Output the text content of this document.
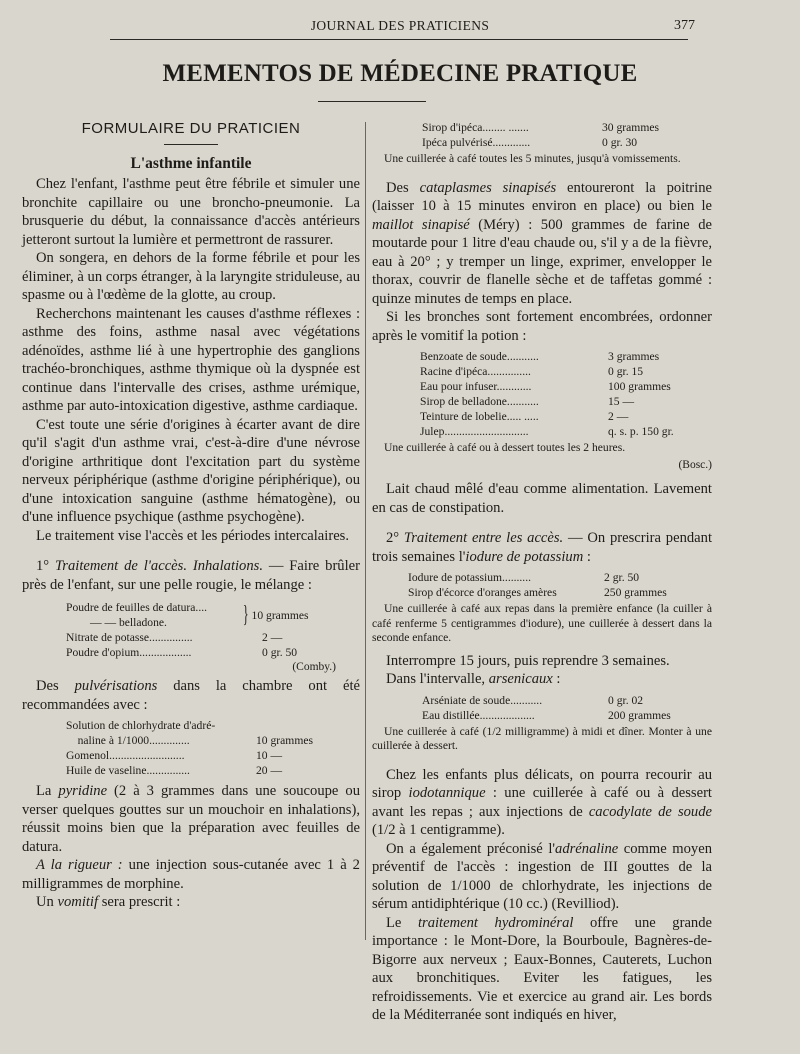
JOURNAL DES PRATICIENS	377
MEMENTOS DE MÉDECINE PRATIQUE
FORMULAIRE DU PRATICIEN
L'asthme infantile

Chez l'enfant, l'asthme peut être fébrile et simuler une bronchite capillaire ou une broncho-pneumonie. La brusquerie du début, la connaissance d'accès antérieurs jetteront surtout la lumière et permettront de rassurer.

On songera, en dehors de la forme fébrile et pour les éliminer, à un corps étranger, à la laryngite striduleuse, au spasme ou à l'œdème de la glotte, au croup.

Recherchons maintenant les causes d'asthme réflexes : asthme des foins, asthme nasal avec végétations adénoïdes, asthme lié à une hypertrophie des ganglions trachéo-bronchiques, asthme thymique où la dyspnée est continue dans l'intervalle des crises, asthme urémique, asthme par auto-intoxication digestive, asthme cardiaque.

C'est toute une série d'origines à écarter avant de dire qu'il s'agit d'un asthme vrai, c'est-à-dire d'une névrose d'origine arthritique dont l'excitation part du système nerveux périphérique (asthme d'origine périphérique), ou d'une intoxication sanguine (asthme hématogène), ou d'une influence psychique (asthme psychogène).

Le traitement vise l'accès et les périodes intercalaires.

1° Traitement de l'accès. Inhalations. — Faire brûler près de l'enfant, sur une pelle rougie, le mélange :

Poudre de feuilles de datura....
— — belladone.	} 10 grammes
Nitrate de potasse...............	2 —
Poudre d'opium..................	0 gr. 50
(Comby.)

Des pulvérisations dans la chambre ont été recommandées avec :

Solution de chlorhydrate d'adré-
naline à 1/1000..............	10 grammes
Gomenol..........................	10 —
Huile de vaseline...............	20 —

La pyridine (2 à 3 grammes dans une soucoupe ou verser quelques gouttes sur un mouchoir en inhalations), réussit moins bien que la préparation avec feuilles de datura.

A la rigueur : une injection sous-cutanée avec 1 à 2 milligrammes de morphine.

Un vomitif sera prescrit :

Sirop d'ipéca........ .......	30 grammes
Ipéca pulvérisé.............	0 gr. 30

Une cuillerée à café toutes les 5 minutes, jusqu'à vomissements.

Des cataplasmes sinapisés entoureront la poitrine (laisser 10 à 15 minutes environ en place) ou bien le maillot sinapisé (Méry) : 500 grammes de farine de moutarde pour 1 litre d'eau chaude ou, s'il y a de la fièvre, eau à 20° ; y tremper un linge, exprimer, envelopper le thorax, couvrir de flanelle sèche et de taffetas gommé : quinze minutes de temps en place.

Si les bronches sont fortement encombrées, ordonner après le vomitif la potion :

Benzoate de soude...........	3 grammes
Racine d'ipéca...............	0 gr. 15
Eau pour infuser............	100 grammes
Sirop de belladone...........	15 —
Teinture de lobelie..... .....	2 —
Julep.............................	q. s. p. 150 gr.

Une cuillerée à café ou à dessert toutes les 2 heures.

(Bosc.)

Lait chaud mêlé d'eau comme alimentation. Lavement en cas de constipation.

2° Traitement entre les accès. — On prescrira pendant trois semaines l'iodure de potassium :

Iodure de potassium..........	2 gr. 50
Sirop d'écorce d'oranges amères	250 grammes

Une cuillerée à café aux repas dans la première enfance (la cuiller à café renferme 5 centigrammes d'iodure), une cuillerée à dessert dans la seconde enfance.

Interrompre 15 jours, puis reprendre 3 semaines.

Dans l'intervalle, arsenicaux :

Arséniate de soude...........	0 gr. 02
Eau distillée...................	200 grammes

Une cuillerée à café (1/2 milligramme) à midi et dîner. Monter à une cuillerée à dessert.

Chez les enfants plus délicats, on pourra recourir au sirop iodotannique : une cuillerée à café ou à dessert avant les repas ; aux injections de cacodylate de soude (1/2 à 1 centigramme).

On a également préconisé l'adrénaline comme moyen préventif de l'accès : ingestion de III gouttes de la solution de 1/1000 de chlorhydrate, les injections de sérum antidiphtérique (10 cc.) (Revilliod).

Le traitement hydrominéral offre une grande importance : le Mont-Dore, la Bourboule, Bagnères-de-Bigorre aux nerveux ; Eaux-Bonnes, Cauterets, Luchon aux bronchitiques. Eviter les fatigues, les refroidissements. Vie et exercice au grand air. Les bords de la Méditerranée sont indiqués en hiver,
